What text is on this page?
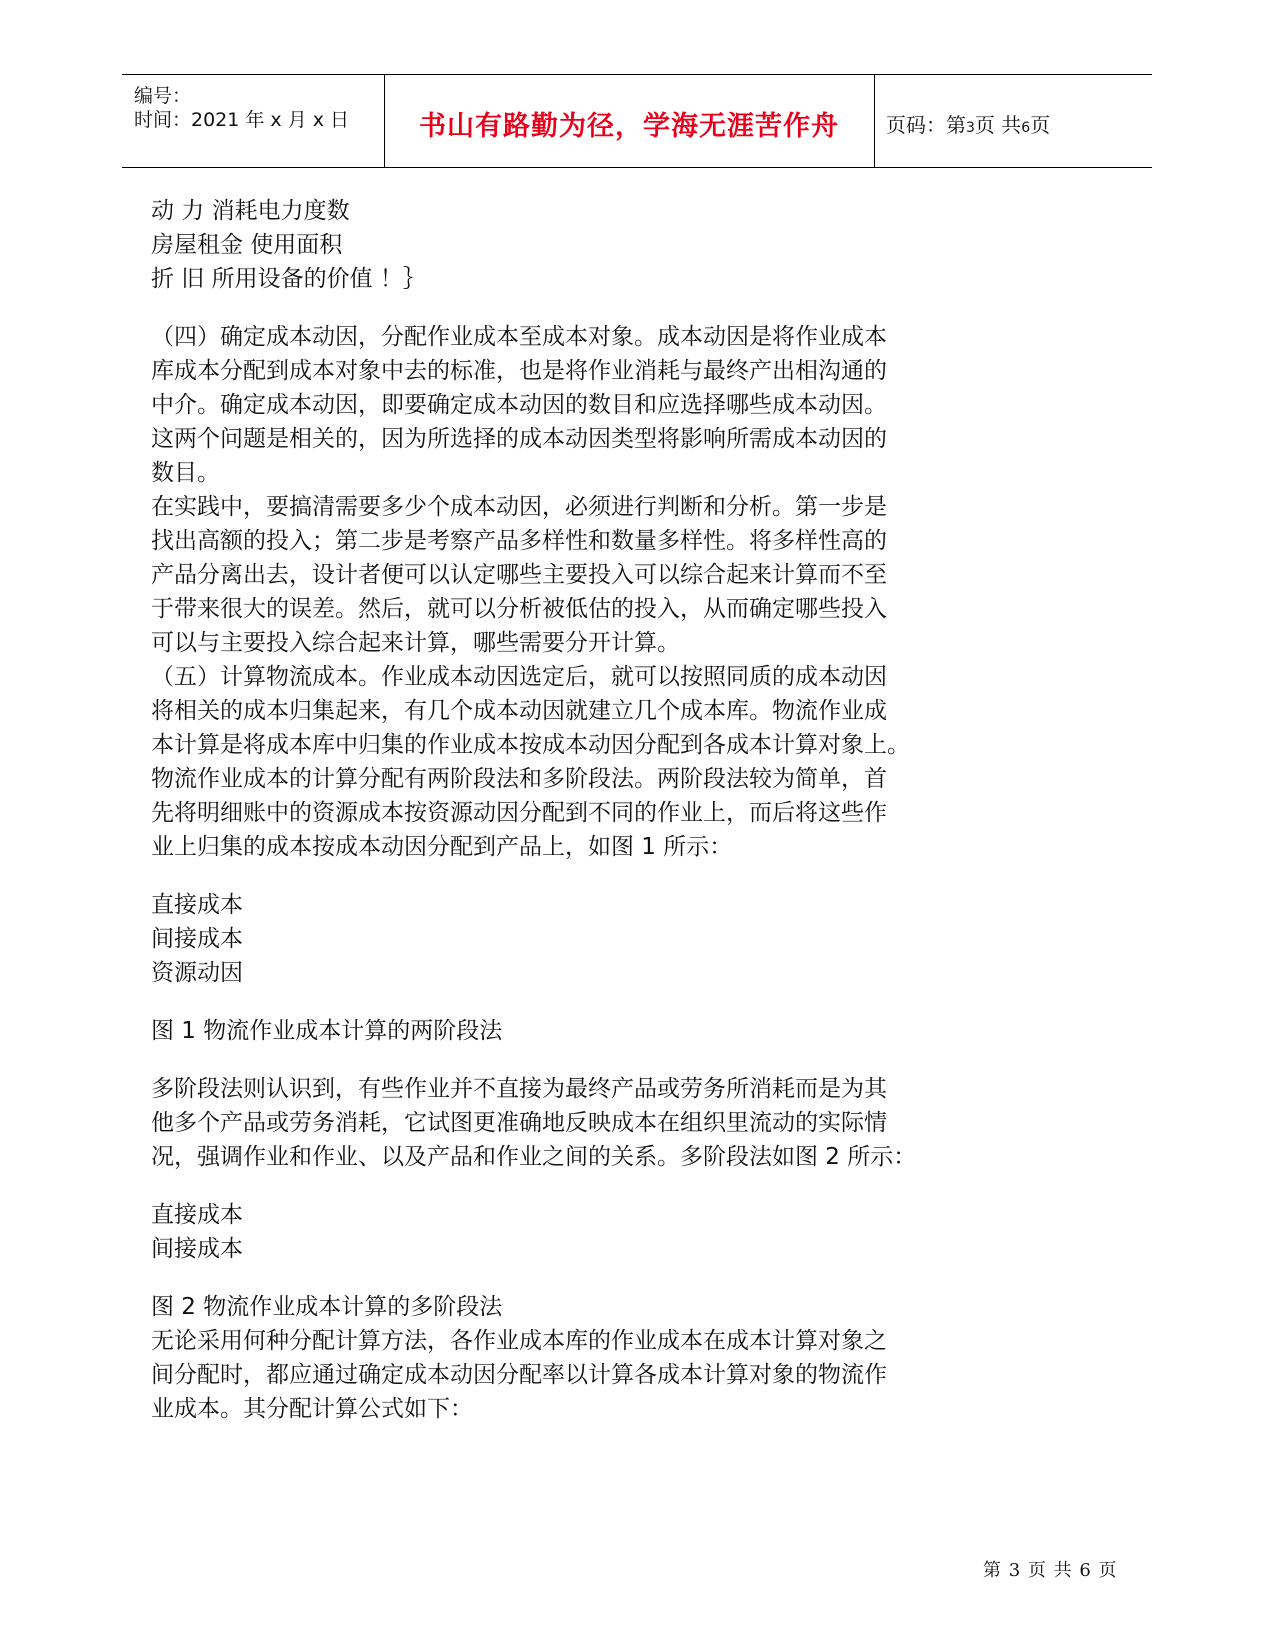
编号：
时间：2021 年 x 月 x 日	书山有路勤为径，学海无涯苦作舟	页码：第3页 共6页
动 力 消耗电力度数
房屋租金 使用面积
折 旧 所用设备的价值 ！｝
（四）确定成本动因，分配作业成本至成本对象。成本动因是将作业成本
库成本分配到成本对象中去的标准，也是将作业消耗与最终产出相沟通的
中介。确定成本动因，即要确定成本动因的数目和应选择哪些成本动因。
这两个问题是相关的，因为所选择的成本动因类型将影响所需成本动因的
数目。
在实践中，要搞清需要多少个成本动因，必须进行判断和分析。第一步是
找出高额的投入；第二步是考察产品多样性和数量多样性。将多样性高的
产品分离出去，设计者便可以认定哪些主要投入可以综合起来计算而不至
于带来很大的误差。然后，就可以分析被低估的投入，从而确定哪些投入
可以与主要投入综合起来计算，哪些需要分开计算。
（五）计算物流成本。作业成本动因选定后，就可以按照同质的成本动因
将相关的成本归集起来，有几个成本动因就建立几个成本库。物流作业成
本计算是将成本库中归集的作业成本按成本动因分配到各成本计算对象上。
物流作业成本的计算分配有两阶段法和多阶段法。两阶段法较为简单，首
先将明细账中的资源成本按资源动因分配到不同的作业上，而后将这些作
业上归集的成本按成本动因分配到产品上，如图 1 所示：
直接成本
间接成本
资源动因
图 1 物流作业成本计算的两阶段法
多阶段法则认识到，有些作业并不直接为最终产品或劳务所消耗而是为其
他多个产品或劳务消耗，它试图更准确地反映成本在组织里流动的实际情
况，强调作业和作业、以及产品和作业之间的关系。多阶段法如图 2 所示：
直接成本
间接成本
图 2 物流作业成本计算的多阶段法
无论采用何种分配计算方法，各作业成本库的作业成本在成本计算对象之
间分配时，都应通过确定成本动因分配率以计算各成本计算对象的物流作
业成本。其分配计算公式如下：
第 3 页 共 6 页
